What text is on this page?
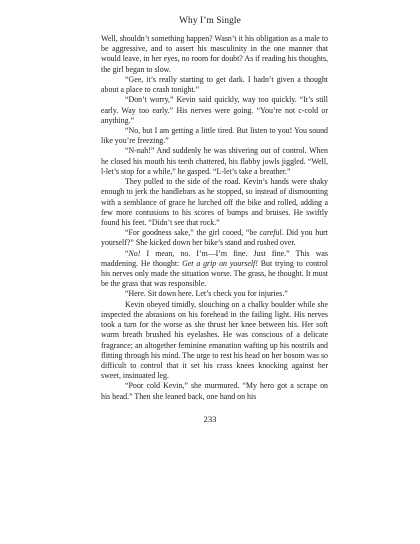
Why I’m Single

Well, shouldn’t something happen? Wasn’t it his obligation as a male to be aggressive, and to assert his masculinity in the one manner that would leave, in her eyes, no room for doubt? As if reading his thoughts, the girl began to slow.

“Gee, it’s really starting to get dark. I hadn’t given a thought about a place to crash tonight.”

“Don’t worry,” Kevin said quickly, way too quickly. “It’s still early. Way too early.” His nerves were going. “You’re not c-cold or anything.”

“No, but I am getting a little tired. But listen to you! You sound like you’re freezing.”

“N-nah!” And suddenly he was shivering out of control. When he closed his mouth his teeth chattered, his flabby jowls jiggled. “Well, l-let’s stop for a while,” he gasped. “L-let’s take a breather.”

They pulled to the side of the road. Kevin’s hands were shaky enough to jerk the handlebars as he stopped, so instead of dismounting with a semblance of grace he lurched off the bike and rolled, adding a few more contusions to his scores of bumps and bruises. He swiftly found his feet. “Didn’t see that rock.”

“For goodness sake,” the girl cooed, “be careful. Did you hurt yourself?” She kicked down her bike’s stand and rushed over.

“No! I mean, no. I’m—I’m fine. Just fine.” This was maddening. He thought: Get a grip on yourself! But trying to control his nerves only made the situation worse. The grass, he thought. It must be the grass that was responsible.

“Here. Sit down here. Let’s check you for injuries.”

Kevin obeyed timidly, slouching on a chalky boulder while she inspected the abrasions on his forehead in the failing light. His nerves took a turn for the worse as she thrust her knee between his. Her soft warm breath brushed his eyelashes. He was conscious of a delicate fragrance; an altogether feminine emanation wafting up his nostrils and flitting through his mind. The urge to rest his head on her bosom was so difficult to control that it set his crass knees knocking against her sweet, insinuated leg.

“Poor cold Kevin,” she murmured. “My hero got a scrape on his head.” Then she leaned back, one hand on his

233
